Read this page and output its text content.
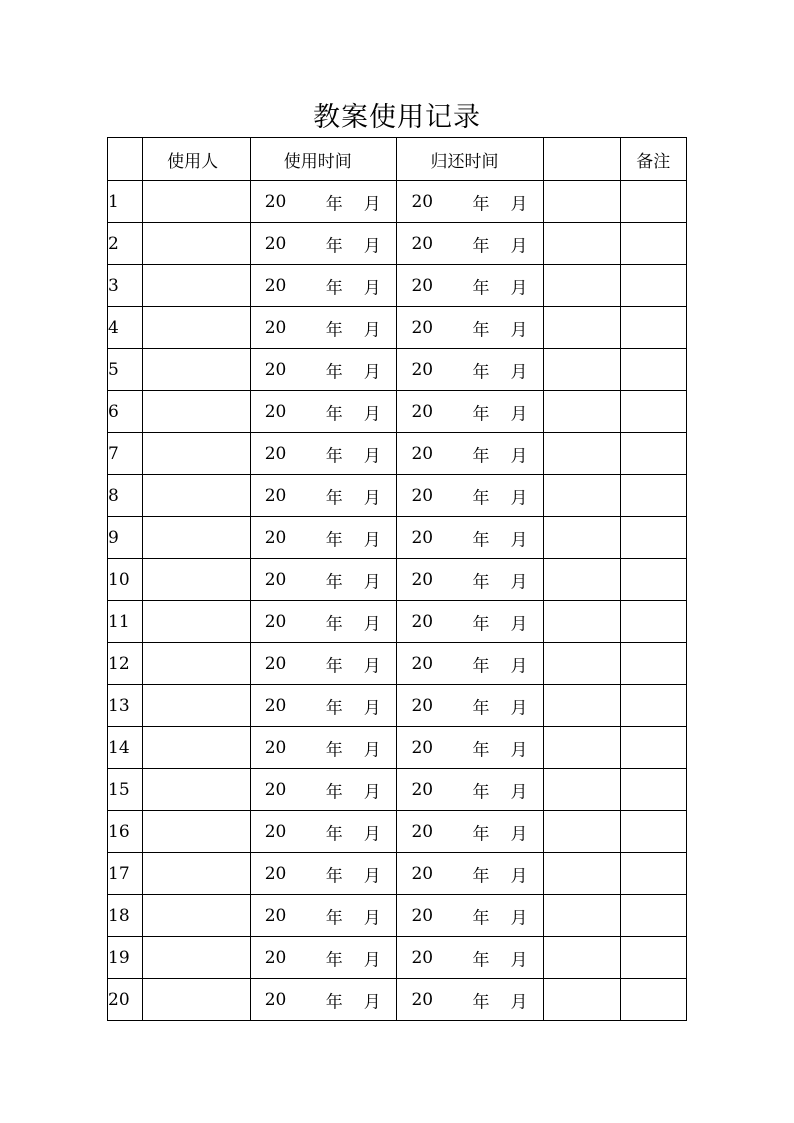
教案使用记录
	使用人	使用时间	归还时间		备注
1		20 年 月	20 年 月		

2		20 年 月	20 年 月		

3		20 年 月	20 年 月		

4		20 年 月	20 年 月		

5		20 年 月	20 年 月		

6		20 年 月	20 年 月		

7		20 年 月	20 年 月		

8		20 年 月	20 年 月		

9		20 年 月	20 年 月		

10		20 年 月	20 年 月		

11		20 年 月	20 年 月		

12		20 年 月	20 年 月		

13		20 年 月	20 年 月		

14		20 年 月	20 年 月		

15		20 年 月	20 年 月		

16		20 年 月	20 年 月		

17		20 年 月	20 年 月		

18		20 年 月	20 年 月		

19		20 年 月	20 年 月		

20		20 年 月	20 年 月		
